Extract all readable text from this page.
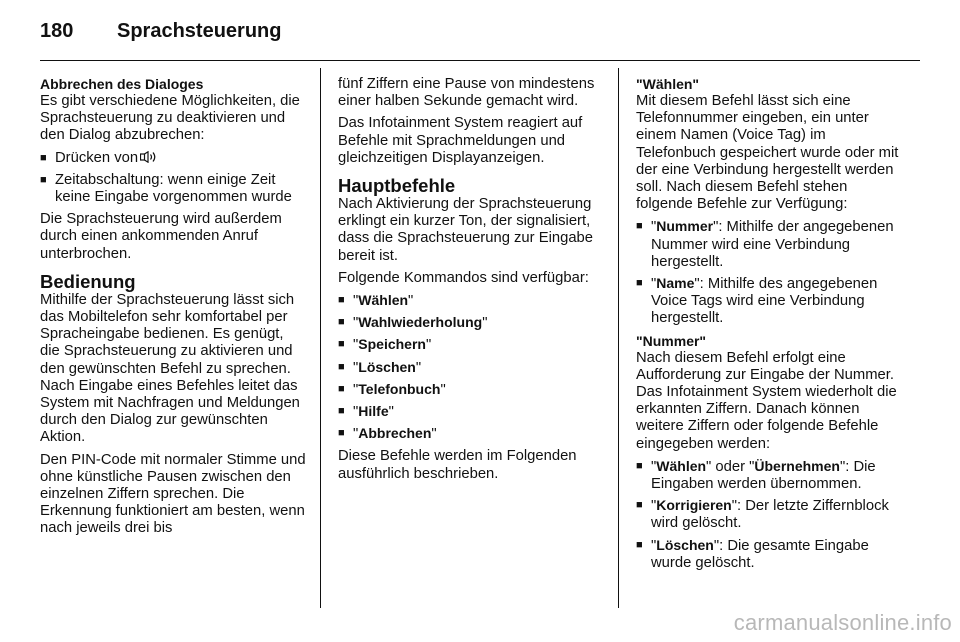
180 Sprachsteuerung
Abbrechen des Dialoges

Es gibt verschiedene Möglichkeiten, die Sprachsteuerung zu deaktivieren und den Dialog abzubrechen:

■ Drücken von
■ Zeitabschaltung: wenn einige Zeit keine Eingabe vorgenommen wurde

Die Sprachsteuerung wird außerdem durch einen ankommenden Anruf unterbrochen.

Bedienung

Mithilfe der Sprachsteuerung lässt sich das Mobiltelefon sehr komfortabel per Spracheingabe bedienen. Es genügt, die Sprachsteuerung zu aktivieren und den gewünschten Befehl zu sprechen. Nach Eingabe eines Befehles leitet das System mit Nachfragen und Meldungen durch den Dialog zur gewünschten Aktion.

Den PIN-Code mit normaler Stimme und ohne künstliche Pausen zwischen den einzelnen Ziffern sprechen. Die Erkennung funktioniert am besten, wenn nach jeweils drei bis

fünf Ziffern eine Pause von mindestens einer halben Sekunde gemacht wird.

Das Infotainment System reagiert auf Befehle mit Sprachmeldungen und gleichzeitigen Displayanzeigen.

Hauptbefehle

Nach Aktivierung der Sprachsteuerung erklingt ein kurzer Ton, der signalisiert, dass die Sprachsteuerung zur Eingabe bereit ist.

Folgende Kommandos sind verfügbar:

■ "Wählen"
■ "Wahlwiederholung"
■ "Speichern"
■ "Löschen"
■ "Telefonbuch"
■ "Hilfe"
■ "Abbrechen"

Diese Befehle werden im Folgenden ausführlich beschrieben.

"Wählen"

Mit diesem Befehl lässt sich eine Telefonnummer eingeben, ein unter einem Namen (Voice Tag) im Telefonbuch gespeichert wurde oder mit der eine Verbindung hergestellt werden soll. Nach diesem Befehl stehen folgende Befehle zur Verfügung:

■ "Nummer": Mithilfe der angegebenen Nummer wird eine Verbindung hergestellt.
■ "Name": Mithilfe des angegebenen Voice Tags wird eine Verbindung hergestellt.
"Nummer"

Nach diesem Befehl erfolgt eine Aufforderung zur Eingabe der Nummer. Das Infotainment System wiederholt die erkannten Ziffern. Danach können weitere Ziffern oder folgende Befehle eingegeben werden:

■ "Wählen" oder "Übernehmen": Die Eingaben werden übernommen.
■ "Korrigieren": Der letzte Ziffernblock wird gelöscht.
■ "Löschen": Die gesamte Eingabe wurde gelöscht.
carmanualsonline.info
